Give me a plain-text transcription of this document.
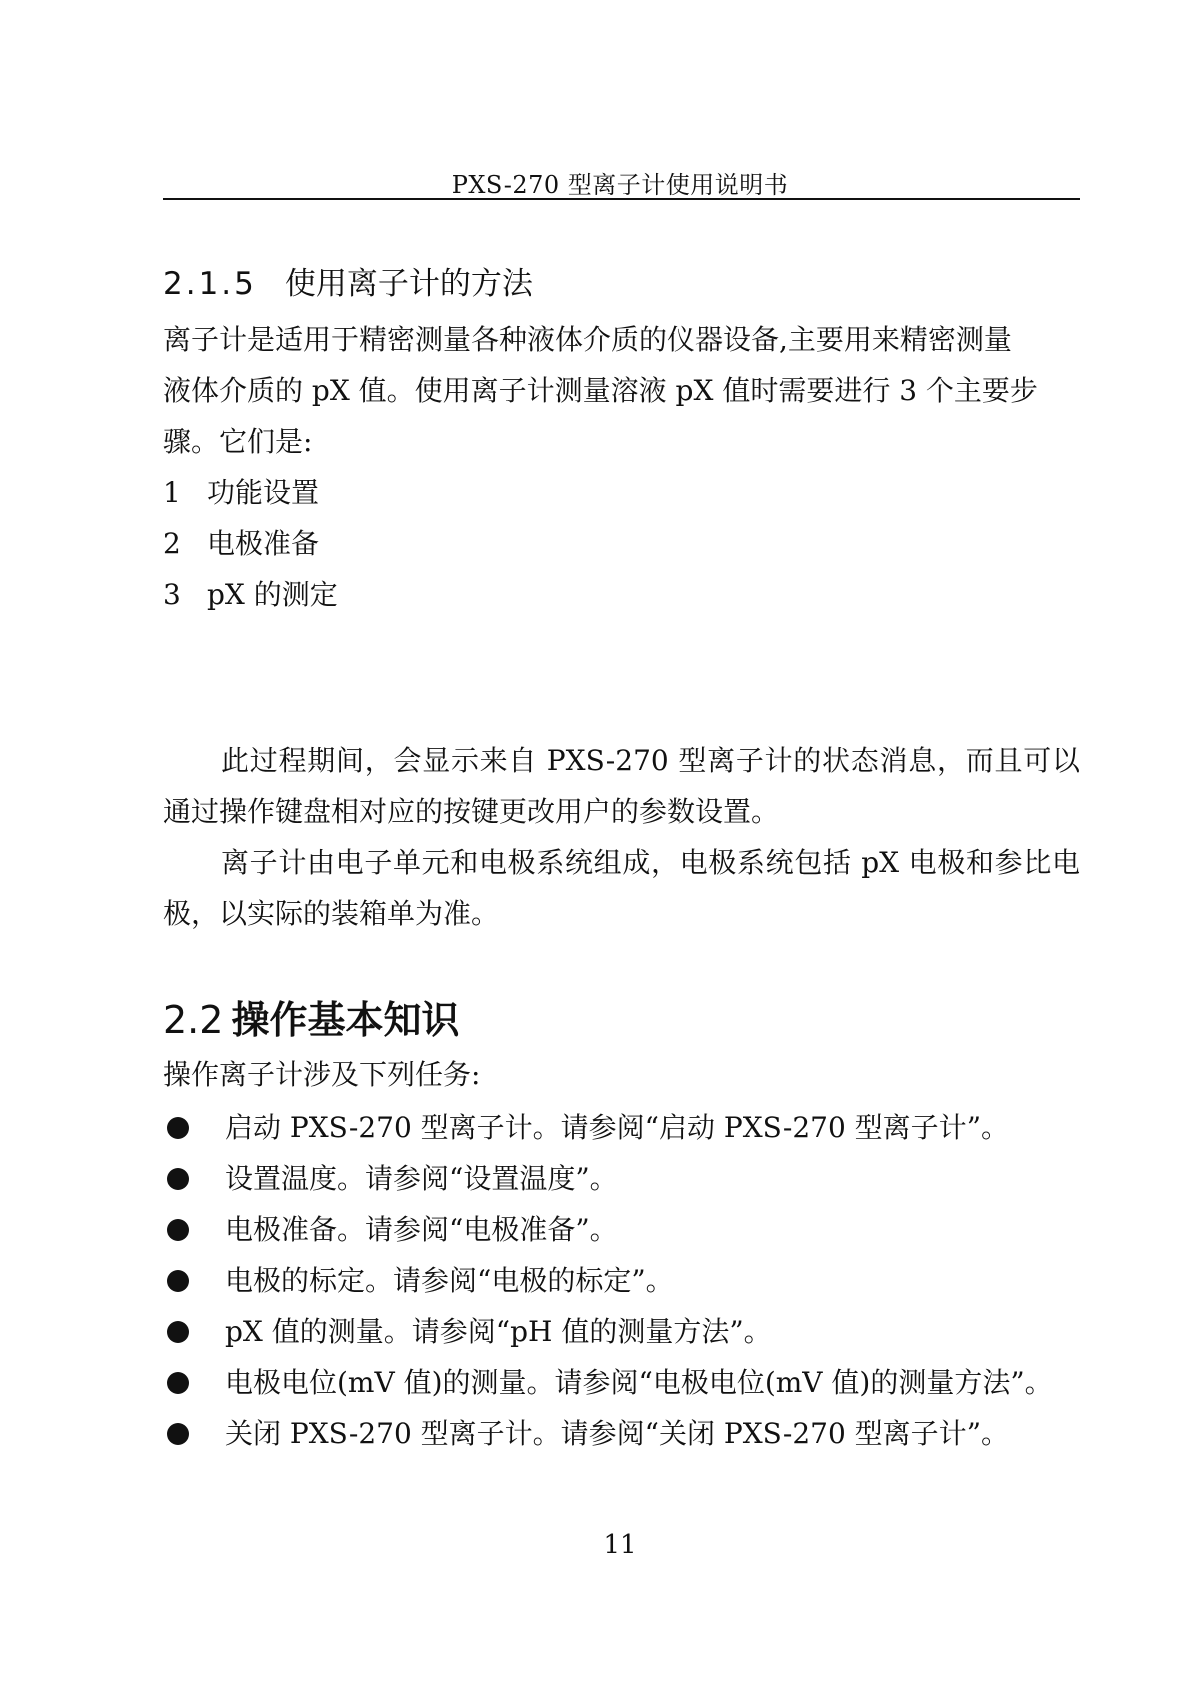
PXS-270 型离子计使用说明书
2.1.5 使用离子计的方法
离子计是适用于精密测量各种液体介质的仪器设备,主要用来精密测量
液体介质的 pX 值。使用离子计测量溶液 pX 值时需要进行 3 个主要步
骤。它们是:
1 功能设置
2 电极准备
3 pX 的测定

此过程期间，会显示来自 PXS-270 型离子计的状态消息，而且可以通过操作键盘相对应的按键更改用户的参数设置。

离子计由电子单元和电极系统组成，电极系统包括 pX 电极和参比电极，以实际的装箱单为准。

2.2 操作基本知识
操作离子计涉及下列任务:
启动 PXS-270 型离子计。请参阅“启动 PXS-270 型离子计”。
设置温度。请参阅“设置温度”。
电极准备。请参阅“电极准备”。
电极的标定。请参阅“电极的标定”。
pX 值的测量。请参阅“pH 值的测量方法”。
电极电位(mV 值)的测量。请参阅“电极电位(mV 值)的测量方法”。
关闭 PXS-270 型离子计。请参阅“关闭 PXS-270 型离子计”。
11
